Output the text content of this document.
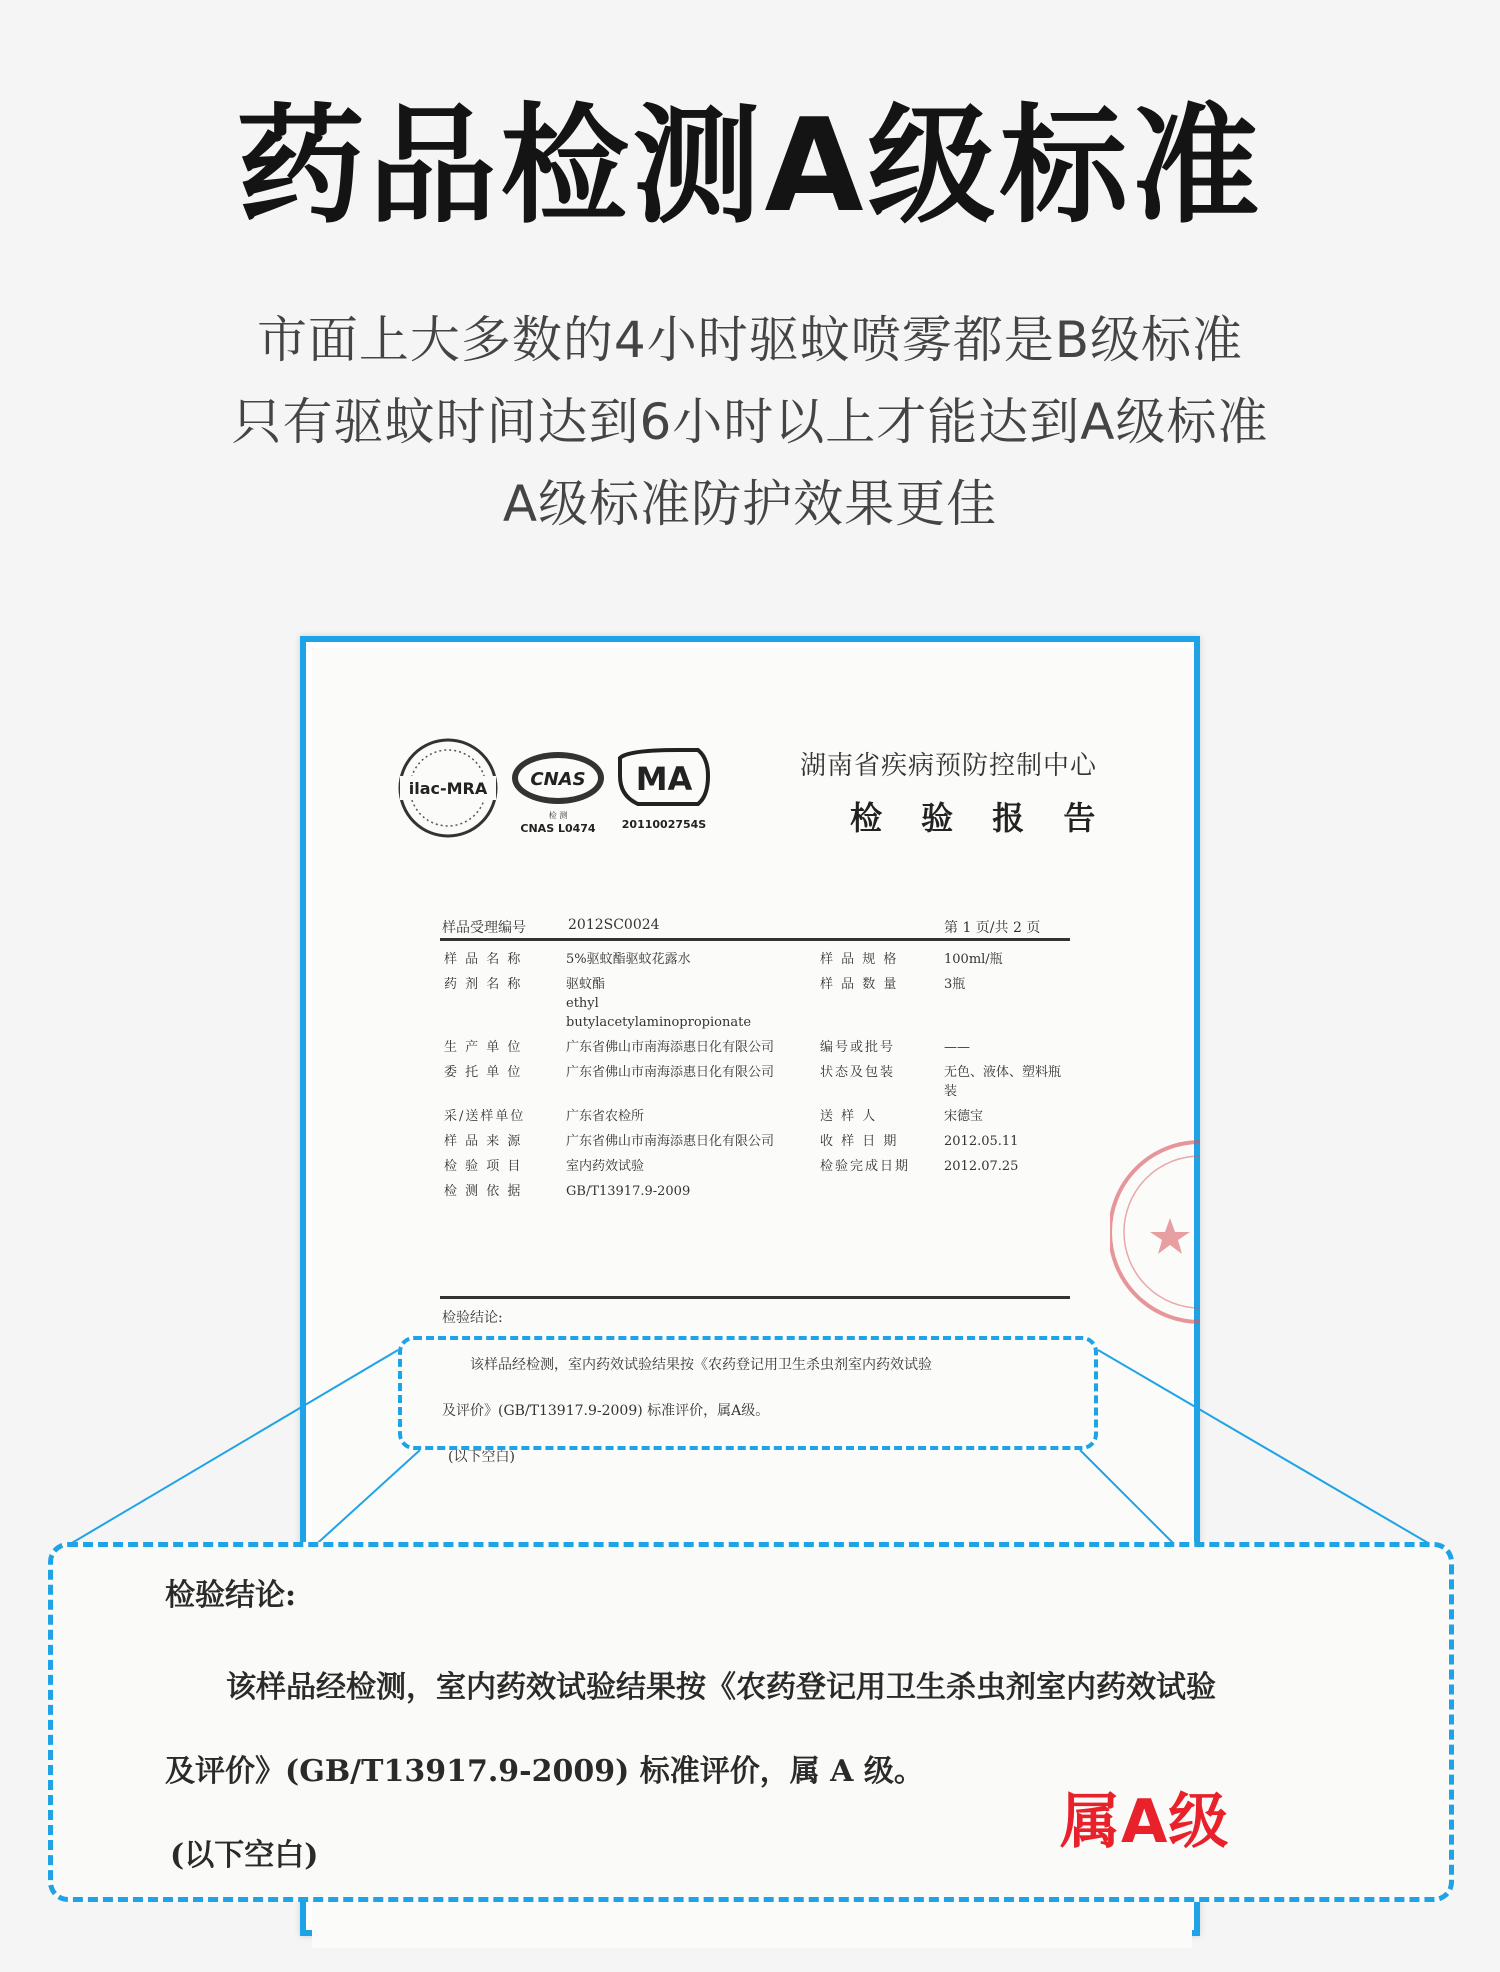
药品检测A级标准
市面上大多数的4小时驱蚊喷雾都是B级标准
只有驱蚊时间达到6小时以上才能达到A级标准
A级标准防护效果更佳
ilac-MRA CNAS
检 测
CNAS L0474
MA
2011002754S
湖南省疾病预防控制中心
检 验 报 告
样品受理编号	2012SC0024	第 1 页/共 2 页
样 品 名 称	5%驱蚊酯驱蚊花露水	样 品 规 格	100ml/瓶
药 剂 名 称	驱蚊酯
ethyl
butylacetylaminopropionate	样 品 数 量	3瓶
生 产 单 位	广东省佛山市南海添惠日化有限公司	编号或批号	——
委 托 单 位	广东省佛山市南海添惠日化有限公司	状态及包装	无色、液体、塑料瓶装
采/送样单位	广东省农检所	送 样 人	宋德宝
样 品 来 源	广东省佛山市南海添惠日化有限公司	收 样 日 期	2012.05.11
检 验 项 目	室内药效试验	检验完成日期	2012.07.25
检 测 依 据	GB/T13917.9-2009		
检验结论:
该样品经检测，室内药效试验结果按《农药登记用卫生杀虫剂室内药效试验
及评价》(GB/T13917.9-2009) 标准评价，属A级。
(以下空白)
检验结论:
该样品经检测，室内药效试验结果按《农药登记用卫生杀虫剂室内药效试验
及评价》(GB/T13917.9-2009) 标准评价，属 A 级。
(以下空白)	属A级
